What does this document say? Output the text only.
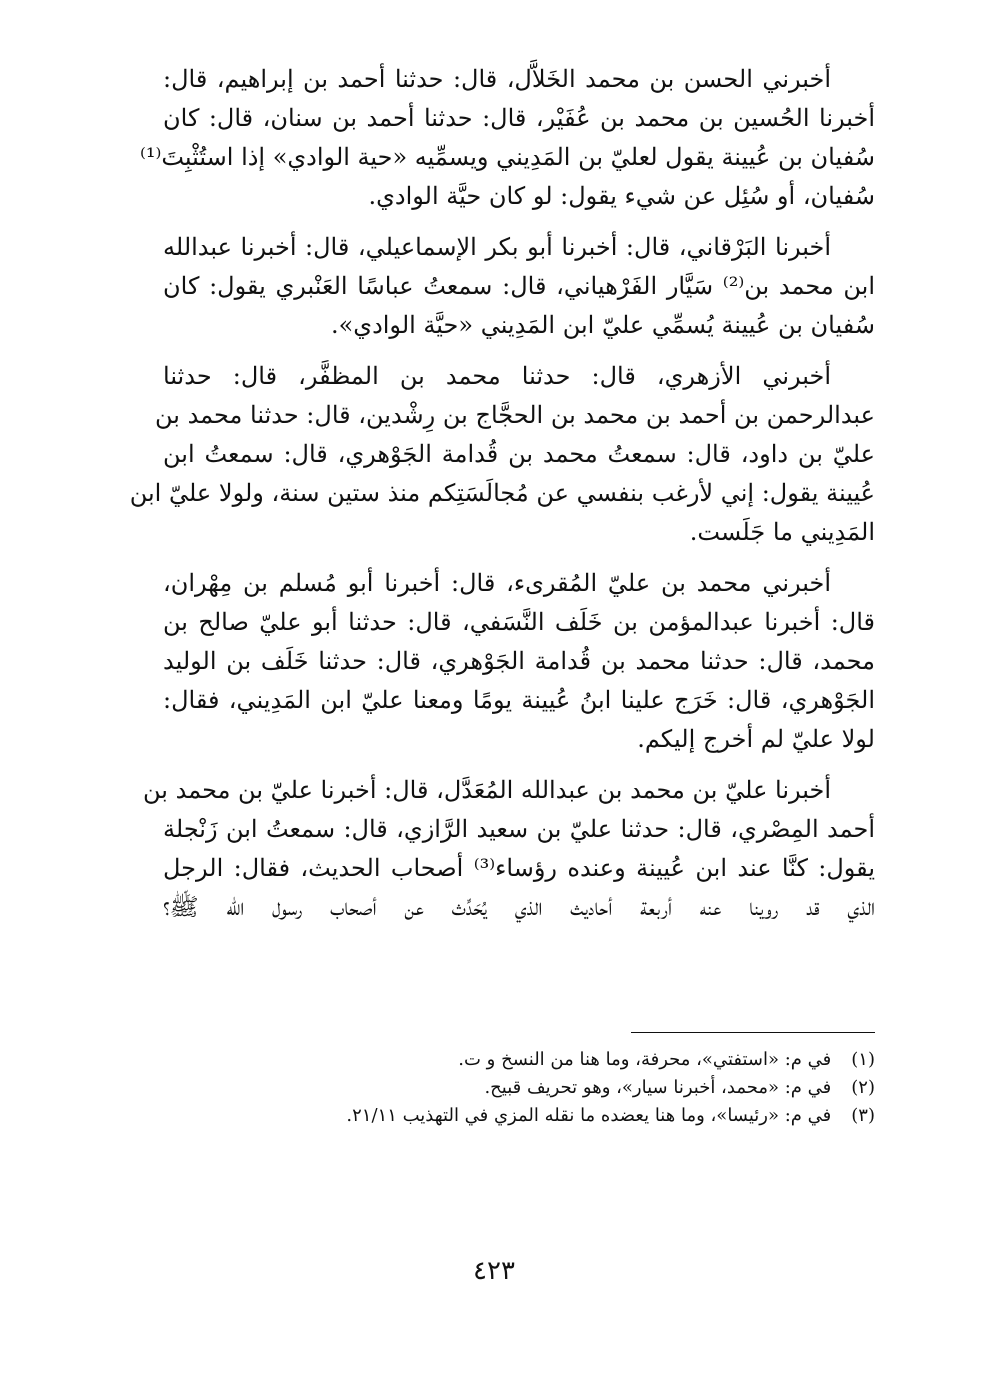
أخبرني الحسن بن محمد الخَلاَّل، قال: حدثنا أحمد بن إبراهيم، قال:
أخبرنا الحُسين بن محمد بن عُفَيْر، قال: حدثنا أحمد بن سنان، قال: كان
سُفيان بن عُيينة يقول لعليّ بن المَدِيني ويسمِّيه «حية الوادي» إذا استُثْبِتَ⁽¹⁾
سُفيان، أو سُئِل عن شيء يقول: لو كان حيَّة الوادي.
أخبرنا البَرْقاني، قال: أخبرنا أبو بكر الإسماعيلي، قال: أخبرنا عبدالله
ابن محمد بن⁽²⁾ سَيَّار الفَرْهياني، قال: سمعتُ عباسًا العَنْبري يقول: كان
سُفيان بن عُيينة يُسمِّي عليّ ابن المَدِيني «حيَّة الوادي».
أخبرني الأزهري، قال: حدثنا محمد بن المظفَّر، قال: حدثنا
عبدالرحمن بن أحمد بن محمد بن الحجَّاج بن رِشْدين، قال: حدثنا محمد بن
عليّ بن داود، قال: سمعتُ محمد بن قُدامة الجَوْهري، قال: سمعتُ ابن
عُيينة يقول: إني لأرغب بنفسي عن مُجالَسَتِكم منذ ستين سنة، ولولا عليّ ابن
المَدِيني ما جَلَست.
أخبرني محمد بن عليّ المُقرىء، قال: أخبرنا أبو مُسلم بن مِهْران،
قال: أخبرنا عبدالمؤمن بن خَلَف النَّسَفي، قال: حدثنا أبو عليّ صالح بن
محمد، قال: حدثنا محمد بن قُدامة الجَوْهري، قال: حدثنا خَلَف بن الوليد
الجَوْهري، قال: خَرَج علينا ابنُ عُيينة يومًا ومعنا عليّ ابن المَدِيني، فقال:
لولا عليّ لم أخرج إليكم.
أخبرنا عليّ بن محمد بن عبدالله المُعَدَّل، قال: أخبرنا عليّ بن محمد بن
أحمد المِصْري، قال: حدثنا عليّ بن سعيد الرَّازي، قال: سمعتُ ابن زَنْجلة
يقول: كنَّا عند ابن عُيينة وعنده رؤساء⁽³⁾ أصحاب الحديث، فقال: الرجل
الذي قد روينا عنه أربعة أحاديث الذي يُحَدِّث عن أصحاب رسول الله ﷺ؟
(١) في م: «استفتي»، محرفة، وما هنا من النسخ و ت.
(٢) في م: «محمد، أخبرنا سيار»، وهو تحريف قبيح.
(٣) في م: «رئيسا»، وما هنا يعضده ما نقله المزي في التهذيب ٢١/١١.
٤٢٣
